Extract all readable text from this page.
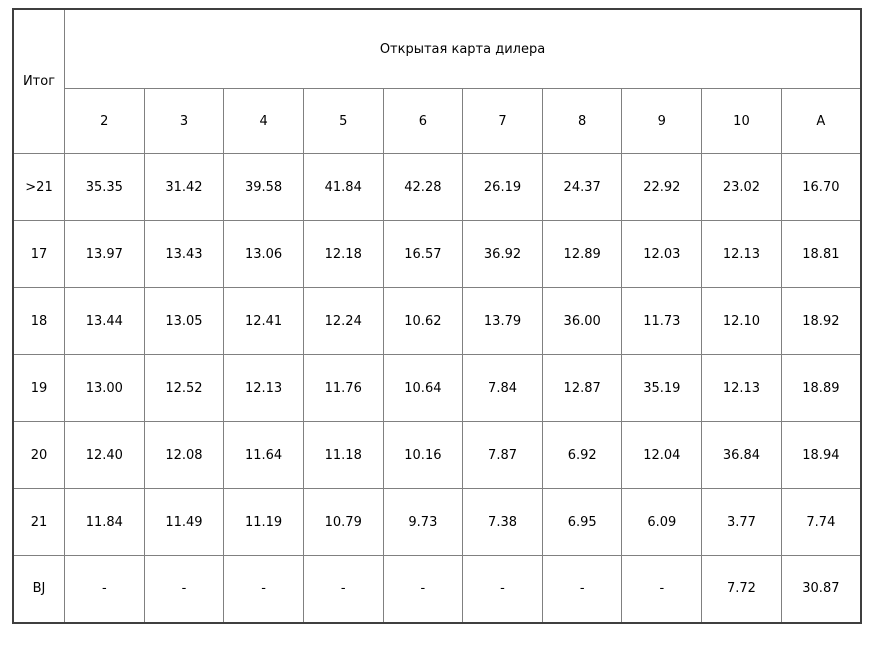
Итог	Открытая карта дилера									
	2	3	4	5	6	7	8	9	10	A
>21	35.35	31.42	39.58	41.84	42.28	26.19	24.37	22.92	23.02	16.70
17	13.97	13.43	13.06	12.18	16.57	36.92	12.89	12.03	12.13	18.81
18	13.44	13.05	12.41	12.24	10.62	13.79	36.00	11.73	12.10	18.92
19	13.00	12.52	12.13	11.76	10.64	7.84	12.87	35.19	12.13	18.89
20	12.40	12.08	11.64	11.18	10.16	7.87	6.92	12.04	36.84	18.94
21	11.84	11.49	11.19	10.79	9.73	7.38	6.95	6.09	3.77	7.74
BJ	-	-	-	-	-	-	-	-	7.72	30.87
